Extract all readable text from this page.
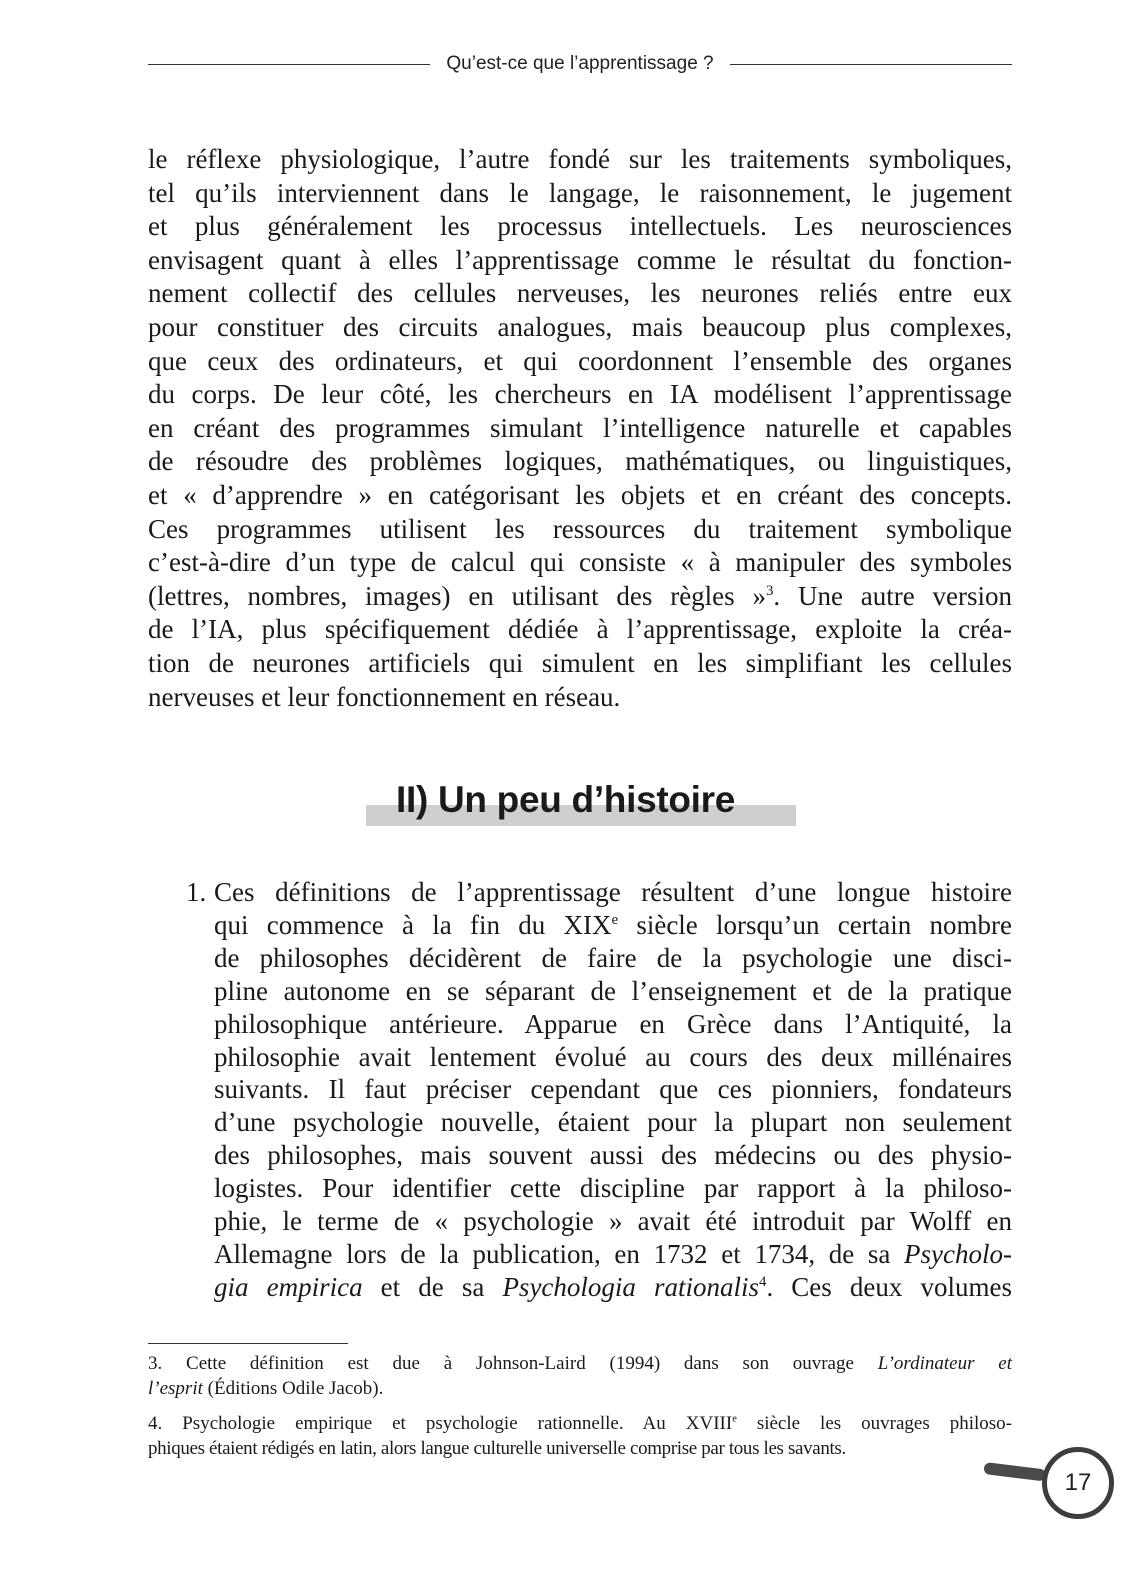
Qu’est-ce que l’apprentissage ?

le réflexe physiologique, l’autre fondé sur les traitements symboliques,
tel qu’ils interviennent dans le langage, le raisonnement, le jugement
et plus généralement les processus intellectuels. Les neurosciences
envisagent quant à elles l’apprentissage comme le résultat du fonction-
nement collectif des cellules nerveuses, les neurones reliés entre eux
pour constituer des circuits analogues, mais beaucoup plus complexes,
que ceux des ordinateurs, et qui coordonnent l’ensemble des organes
du corps. De leur côté, les chercheurs en IA modélisent l’apprentissage
en créant des programmes simulant l’intelligence naturelle et capables
de résoudre des problèmes logiques, mathématiques, ou linguistiques,
et « d’apprendre » en catégorisant les objets et en créant des concepts.
Ces programmes utilisent les ressources du traitement symbolique
c’est-à-dire d’un type de calcul qui consiste « à manipuler des symboles
(lettres, nombres, images) en utilisant des règles »$^3$. Une autre version
de l’IA, plus spécifiquement dédiée à l’apprentissage, exploite la créa-
tion de neurones artificiels qui simulent en les simplifiant les cellules
nerveuses et leur fonctionnement en réseau.

II) Un peu d’histoire
1. Ces définitions de l’apprentissage résultent d’une longue histoire
qui commence à la fin du XIXe siècle lorsqu’un certain nombre
de philosophes décidèrent de faire de la psychologie une disci-
pline autonome en se séparant de l’enseignement et de la pratique
philosophique antérieure. Apparue en Grèce dans l’Antiquité, la
philosophie avait lentement évolué au cours des deux millénaires
suivants. Il faut préciser cependant que ces pionniers, fondateurs
d’une psychologie nouvelle, étaient pour la plupart non seulement
des philosophes, mais souvent aussi des médecins ou des physio-
logistes. Pour identifier cette discipline par rapport à la philoso-
phie, le terme de « psychologie » avait été introduit par Wolff en
Allemagne lors de la publication, en 1732 et 1734, de sa Psycholo-
gia empirica et de sa Psychologia rationalis$^4$. Ces deux volumes

3. Cette définition est due à Johnson-Laird (1994) dans son ouvrage L’ordinateur et
l’esprit (Éditions Odile Jacob).

4. Psychologie empirique et psychologie rationnelle. Au XVIIIe siècle les ouvrages philoso-
phiques étaient rédigés en latin, alors langue culturelle universelle comprise par tous les savants.

17
